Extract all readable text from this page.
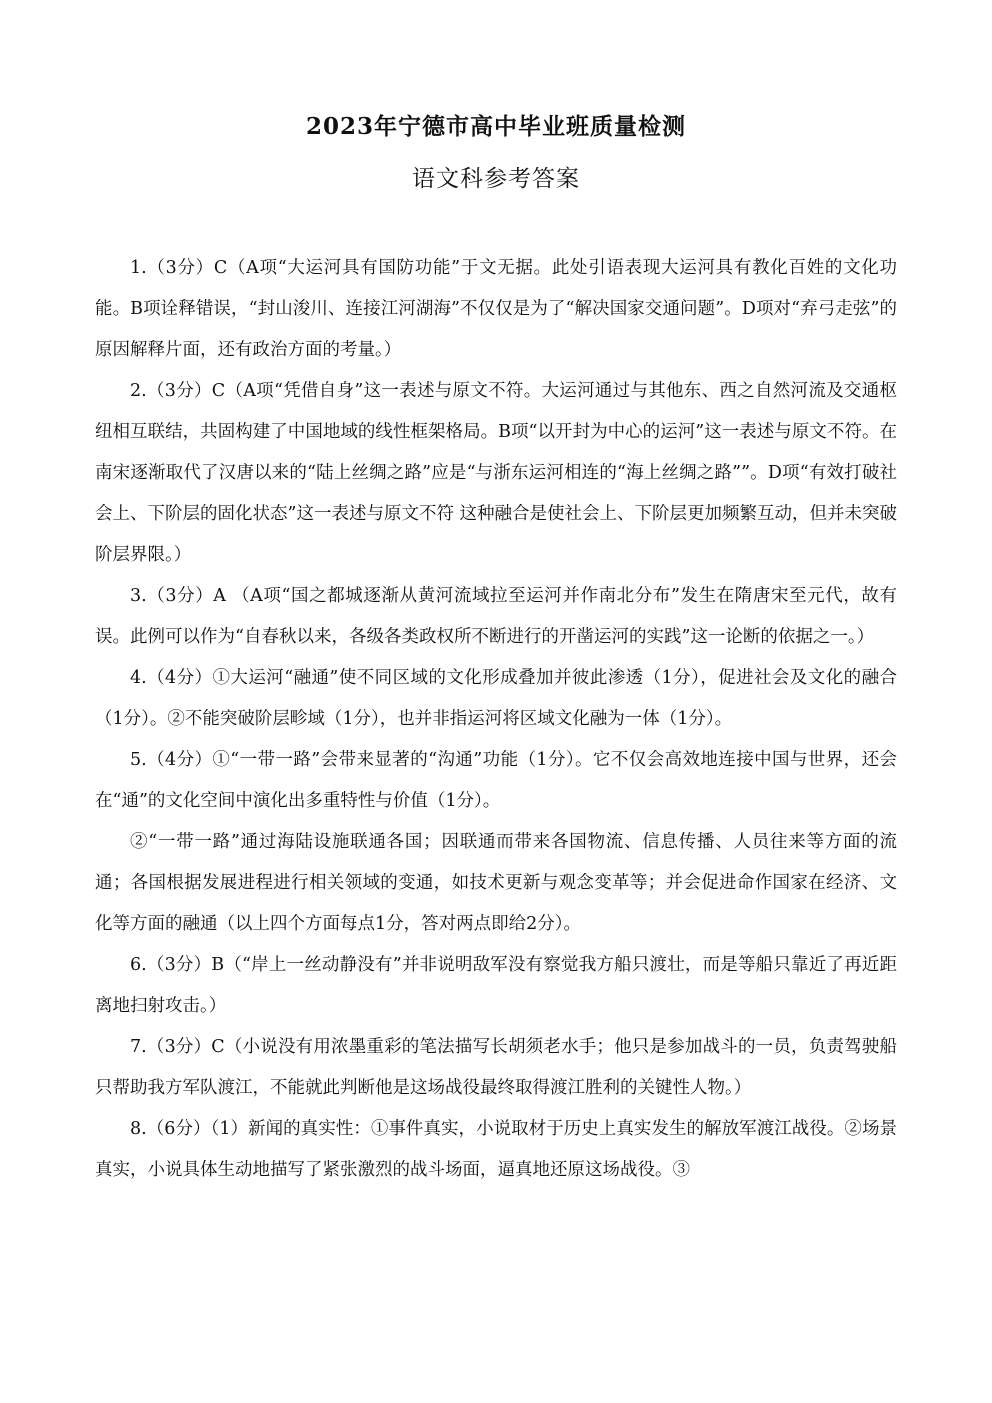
2023年宁德市高中毕业班质量检测
语文科参考答案

1.（3分）C（A项“大运河具有国防功能”于文无据。此处引语表现大运河具有教化百姓的文化功能。B项诠释错误，“封山浚川、连接江河湖海”不仅仅是为了“解决国家交通问题”。D项对“弃弓走弦”的原因解释片面，还有政治方面的考量。）

2.（3分）C（A项“凭借自身”这一表述与原文不符。大运河通过与其他东、西之自然河流及交通枢纽相互联结，共固构建了中国地域的线性框架格局。B项“以开封为中心的运河”这一表述与原文不符。在南宋逐渐取代了汉唐以来的“陆上丝绸之路”应是“与浙东运河相连的“海上丝绸之路””。D项“有效打破社会上、下阶层的固化状态”这一表述与原文不符 这种融合是使社会上、下阶层更加频繁互动，但并未突破阶层界限。）

3.（3分）A （A项“国之都城逐渐从黄河流域拉至运河并作南北分布”发生在隋唐宋至元代，故有误。此例可以作为“自春秋以来，各级各类政权所不断进行的开凿运河的实践”这一论断的依据之一。）

4.（4分）①大运河“融通”使不同区域的文化形成叠加并彼此渗透（1分），促进社会及文化的融合（1分）。②不能突破阶层畛域（1分），也并非指运河将区域文化融为一体（1分）。

5.（4分）①“一带一路”会带来显著的“沟通”功能（1分）。它不仅会高效地连接中国与世界，还会在“通”的文化空间中演化出多重特性与价值（1分）。

②“一带一路”通过海陆设施联通各国；因联通而带来各国物流、信息传播、人员往来等方面的流通；各国根据发展进程进行相关领域的变通，如技术更新与观念变革等；并会促进命作国家在经济、文化等方面的融通（以上四个方面每点1分，答对两点即给2分）。

6.（3分）B（“岸上一丝动静没有”并非说明敌军没有察觉我方船只渡壮，而是等船只靠近了再近距离地扫射攻击。）

7.（3分）C（小说没有用浓墨重彩的笔法描写长胡须老水手；他只是参加战斗的一员，负责驾驶船只帮助我方军队渡江，不能就此判断他是这场战役最终取得渡江胜利的关键性人物。）

8.（6分）（1）新闻的真实性：①事件真实，小说取材于历史上真实发生的解放军渡江战役。②场景真实，小说具体生动地描写了紧张激烈的战斗场面，逼真地还原这场战役。③
